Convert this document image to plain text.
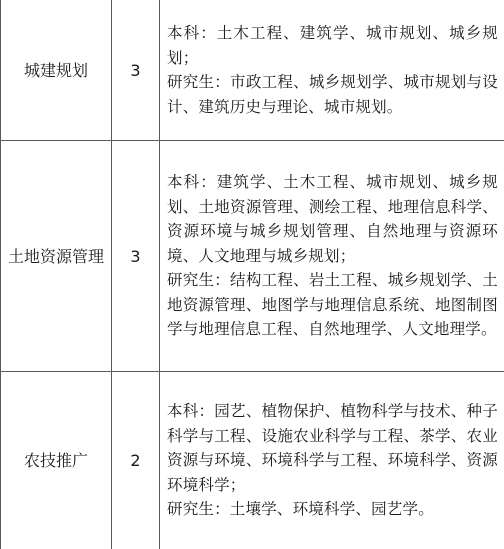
城建规划	3	本科：土木工程、建筑学、城市规划、城乡规划；
研究生：市政工程、城乡规划学、城市规划与设计、建筑历史与理论、城市规划。

土地资源管理	3	本科：建筑学、土木工程、城市规划、城乡规划、土地资源管理、测绘工程、地理信息科学、资源环境与城乡规划管理、自然地理与资源环境、人文地理与城乡规划；
研究生：结构工程、岩土工程、城乡规划学、土地资源管理、地图学与地理信息系统、地图制图学与地理信息工程、自然地理学、人文地理学。

农技推广	2	本科：园艺、植物保护、植物科学与技术、种子科学与工程、设施农业科学与工程、茶学、农业资源与环境、环境科学与工程、环境科学、资源环境科学；
研究生：土壤学、环境科学、园艺学。
